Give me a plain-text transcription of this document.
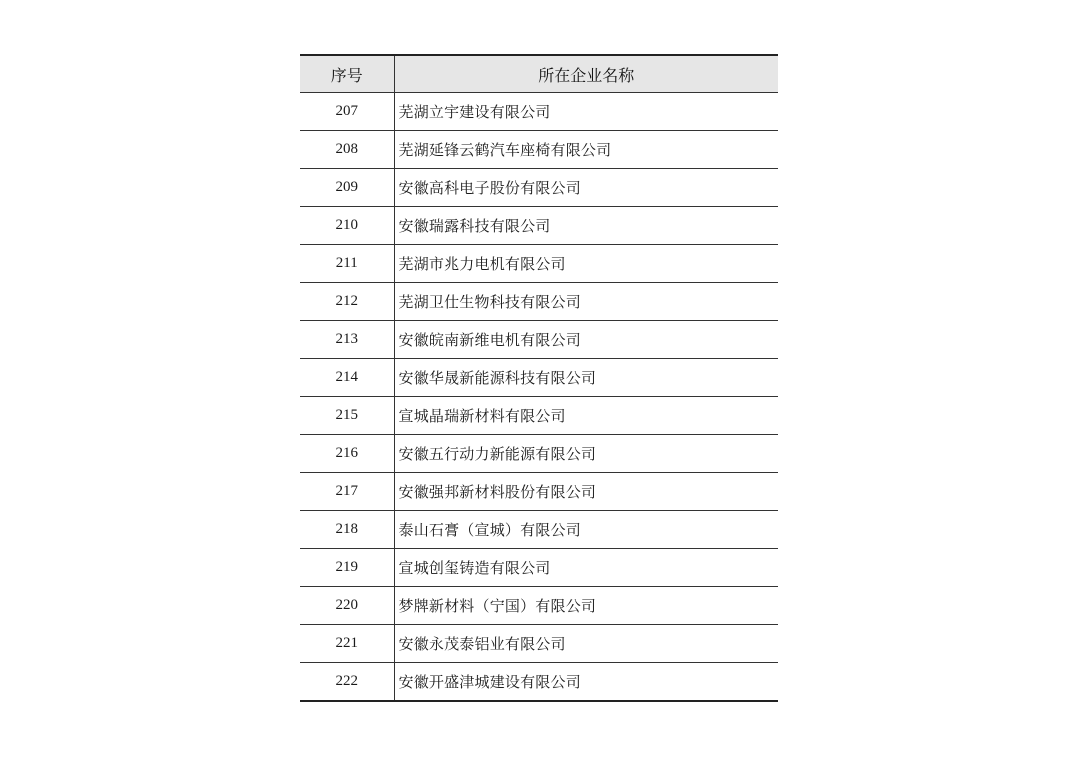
序号	所在企业名称
207	芜湖立宇建设有限公司
208	芜湖延锋云鹤汽车座椅有限公司
209	安徽高科电子股份有限公司
210	安徽瑞露科技有限公司
211	芜湖市兆力电机有限公司
212	芜湖卫仕生物科技有限公司
213	安徽皖南新维电机有限公司
214	安徽华晟新能源科技有限公司
215	宣城晶瑞新材料有限公司
216	安徽五行动力新能源有限公司
217	安徽强邦新材料股份有限公司
218	泰山石膏（宣城）有限公司
219	宣城创玺铸造有限公司
220	梦牌新材料（宁国）有限公司
221	安徽永茂泰铝业有限公司
222	安徽开盛津城建设有限公司
